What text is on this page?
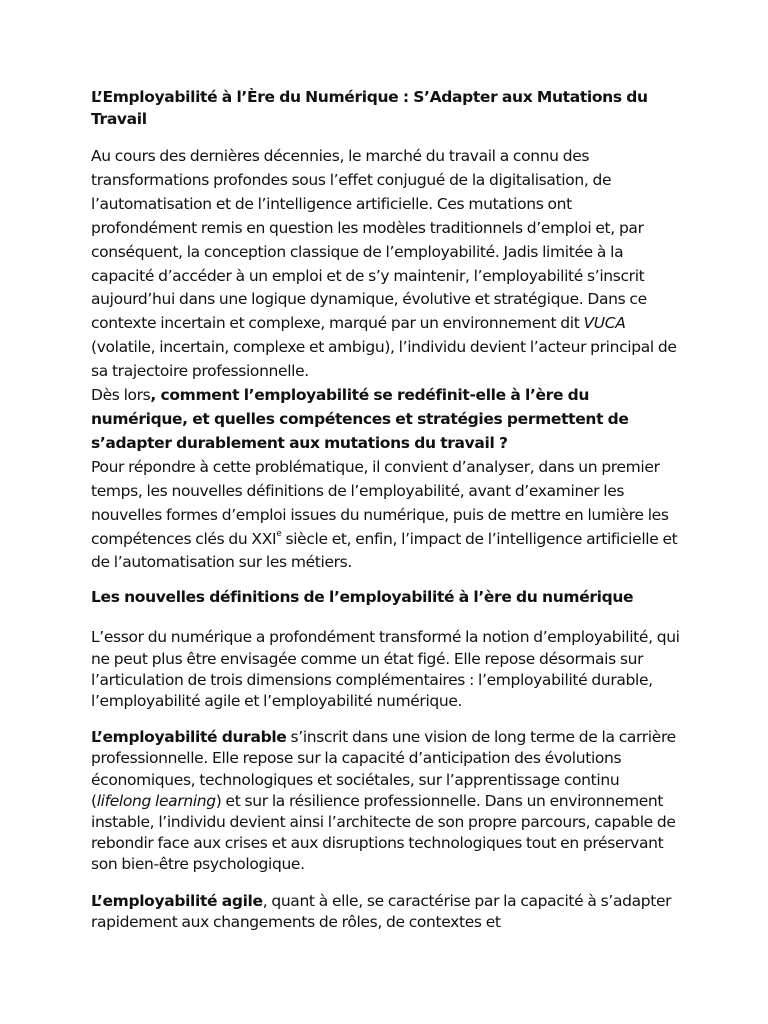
L’Employabilité à l’Ère du Numérique : S’Adapter aux Mutations du Travail

Au cours des dernières décennies, le marché du travail a connu des transformations profondes sous l’effet conjugué de la digitalisation, de l’automatisation et de l’intelligence artificielle. Ces mutations ont profondément remis en question les modèles traditionnels d’emploi et, par conséquent, la conception classique de l’employabilité. Jadis limitée à la capacité d’accéder à un emploi et de s’y maintenir, l’employabilité s’inscrit aujourd’hui dans une logique dynamique, évolutive et stratégique. Dans ce contexte incertain et complexe, marqué par un environnement dit VUCA (volatile, incertain, complexe et ambigu), l’individu devient l’acteur principal de sa trajectoire professionnelle.

Dès lors, comment l’employabilité se redéfinit-elle à l’ère du numérique, et quelles compétences et stratégies permettent de s’adapter durablement aux mutations du travail ?

Pour répondre à cette problématique, il convient d’analyser, dans un premier temps, les nouvelles définitions de l’employabilité, avant d’examiner les nouvelles formes d’emploi issues du numérique, puis de mettre en lumière les compétences clés du XXIe siècle et, enfin, l’impact de l’intelligence artificielle et de l’automatisation sur les métiers.

Les nouvelles définitions de l’employabilité à l’ère du numérique

L’essor du numérique a profondément transformé la notion d’employabilité, qui ne peut plus être envisagée comme un état figé. Elle repose désormais sur l’articulation de trois dimensions complémentaires : l’employabilité durable, l’employabilité agile et l’employabilité numérique.

L’employabilité durable s’inscrit dans une vision de long terme de la carrière professionnelle. Elle repose sur la capacité d’anticipation des évolutions économiques, technologiques et sociétales, sur l’apprentissage continu (lifelong learning) et sur la résilience professionnelle. Dans un environnement instable, l’individu devient ainsi l’architecte de son propre parcours, capable de rebondir face aux crises et aux disruptions technologiques tout en préservant son bien-être psychologique.

L’employabilité agile, quant à elle, se caractérise par la capacité à s’adapter rapidement aux changements de rôles, de contextes et
